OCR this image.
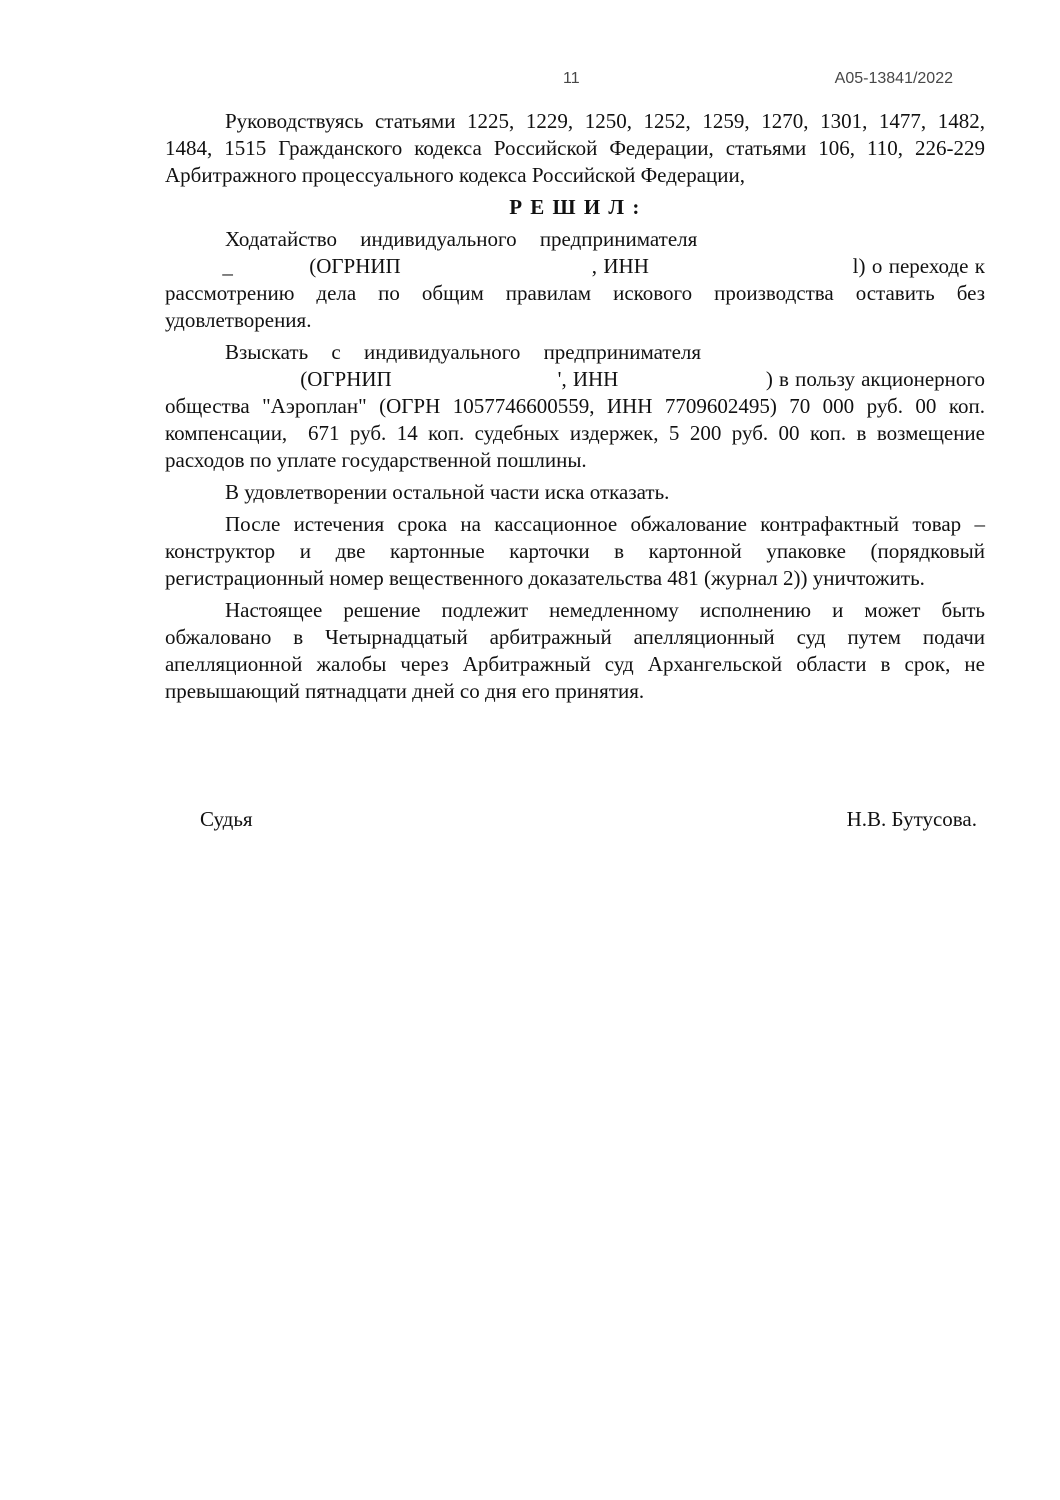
11	А05-13841/2022
Руководствуясь статьями 1225, 1229, 1250, 1252, 1259, 1270, 1301, 1477, 1482,
1484, 1515 Гражданского кодекса Российской Федерации, статьями 106, 110, 226-229
Арбитражного процессуального кодекса Российской Федерации,
Р Е Ш И Л :
Ходатайство индивидуального предпринимателя
_            (ОГРНИП                              , ИНН                                l) о переходе к
рассмотрению дела по общим правилам искового производства оставить без
удовлетворения.
Взыскать с индивидуального предпринимателя
(ОГРНИП                           ', ИНН                        ) в пользу акционерного
общества "Аэроплан" (ОГРН 1057746600559, ИНН 7709602495) 70 000 руб. 00 коп.
компенсации,  671 руб. 14 коп. судебных издержек, 5 200 руб. 00 коп. в возмещение
расходов по уплате государственной пошлины.
В удовлетворении остальной части иска отказать.
После истечения срока на кассационное обжалование контрафактный товар –
конструктор и две картонные карточки в картонной упаковке (порядковый
регистрационный номер вещественного доказательства 481 (журнал 2)) уничтожить.
Настоящее решение подлежит немедленному исполнению и может быть
обжаловано в Четырнадцатый арбитражный апелляционный суд путем подачи
апелляционной жалобы через Арбитражный суд Архангельской области в срок, не
превышающий пятнадцати дней со дня его принятия.
Судья	Н.В. Бутусова.
